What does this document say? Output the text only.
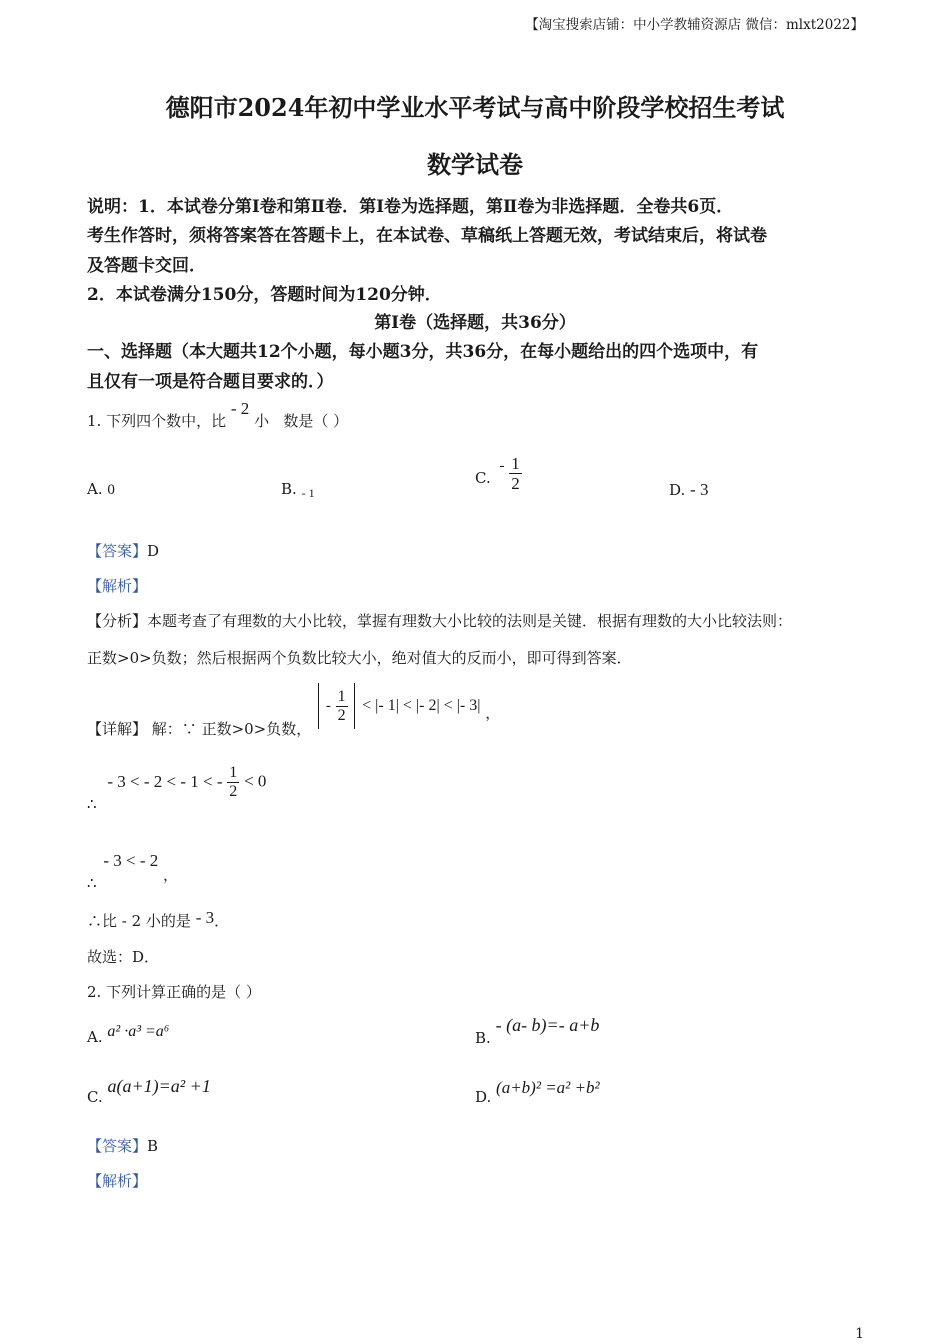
【淘宝搜索店铺：中小学教辅资源店 微信：mlxt2022】
德阳市2024年初中学业水平考试与高中阶段学校招生考试
数学试卷
说明：1．本试卷分第Ⅰ卷和第Ⅱ卷．第Ⅰ卷为选择题，第Ⅱ卷为非选择题．全卷共6页．
考生作答时，须将答案答在答题卡上，在本试卷、草稿纸上答题无效，考试结束后，将试卷
及答题卡交回．
2．本试卷满分150分，答题时间为120分钟．
第Ⅰ卷（选择题，共36分）
一、选择题（本大题共12个小题，每小题3分，共36分，在每小题给出的四个选项中，有
且仅有一项是符合题目要求的．）
1. 下列四个数中，比 - 2 小 数是（ ）
A. 0	B. $_{- 1}$
C. - $\frac{1}{2}$	D. - 3
【答案】D
【解析】
【分析】本题考查了有理数的大小比较，掌握有理数大小比较的法则是关键．根据有理数的大小比较法则：
正数>0>负数；然后根据两个负数比较大小，绝对值大的反而小，即可得到答案．
【详解】 解：∵ 正数>0>负数，  - $\frac{1}{2}$ < |- 1| < |- 2| < |- 3| ，
∴ - 3 < - 2 < - 1 < - $\frac{1}{2} < 0$
∴ - 3 < - 2 ，
∴比 - 2 小的是 - 3．
故选：D．
2. 下列计算正确的是（ ）
A. a² ·a³ =a⁶	B. - (a- b)=- a+b
C. a(a+1)=a² +1
D. (a+b)² =a² +b²
【答案】B
【解析】
1
